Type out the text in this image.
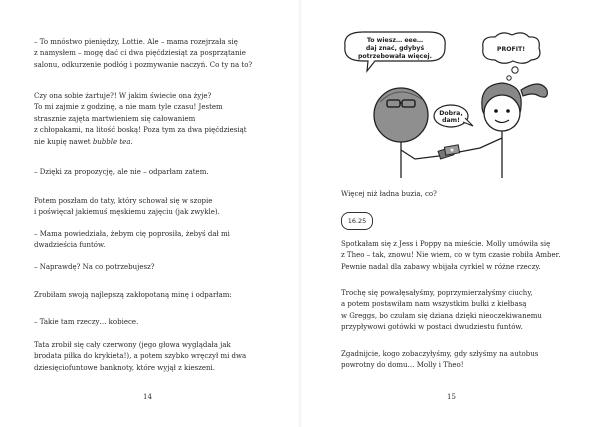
– To mnóstwo pieniędzy, Lottie. Ale – mama rozejrzała się
z namysłem – mogę dać ci dwa pięćdziesiąt za posprzątanie
salonu, odkurzenie podłóg i pozmywanie naczyń. Co ty na to?

Czy ona sobie żartuje?! W jakim świecie ona żyje?
To mi zajmie z godzinę, a nie mam tyle czasu! Jestem
strasznie zajęta martwieniem się całowaniem
z chłopakami, na litość boską! Poza tym za dwa pięćdziesiąt
nie kupię nawet bubble tea.

– Dzięki za propozycję, ale nie – odparłam zatem.

Potem poszłam do taty, który schował się w szopie
i poświęcał jakiemuś męskiemu zajęciu (jak zwykle).

– Mama powiedziała, żebym cię poprosiła, żebyś dał mi
dwadzieścia funtów.

– Naprawdę? Na co potrzebujesz?

Zrobiłam swoją najlepszą zakłopotaną minę i odparłam:

– Takie tam rzeczy… kobiece.

Tata zrobił się cały czerwony (jego głowa wyglądała jak
brodata piłka do krykieta!), a potem szybko wręczył mi dwa
dziesięciofuntowe banknoty, które wyjął z kieszeni.

14
To wiesz… eee…
daj znać, gdybyś
potrzebowała więcej.
PROFIT!
Dobra,
dam!

Więcej niż ładna buzia, co?

16.25

Spotkałam się z Jess i Poppy na mieście. Molly umówiła się
z Theo – tak, znowu! Nie wiem, co w tym czasie robiła Amber.
Pewnie nadal dla zabawy wbijała cyrkiel w różne rzeczy.

Trochę się powałęsałyśmy, poprzymierzałyśmy ciuchy,
a potem postawiłam nam wszystkim bułki z kiełbasą
w Greggs, bo czułam się dziana dzięki nieoczekiwanemu
przypływowi gotówki w postaci dwudziestu funtów.

Zgadnijcie, kogo zobaczyłyśmy, gdy szłyśmy na autobus
powrotny do domu… Molly i Theo!

15
